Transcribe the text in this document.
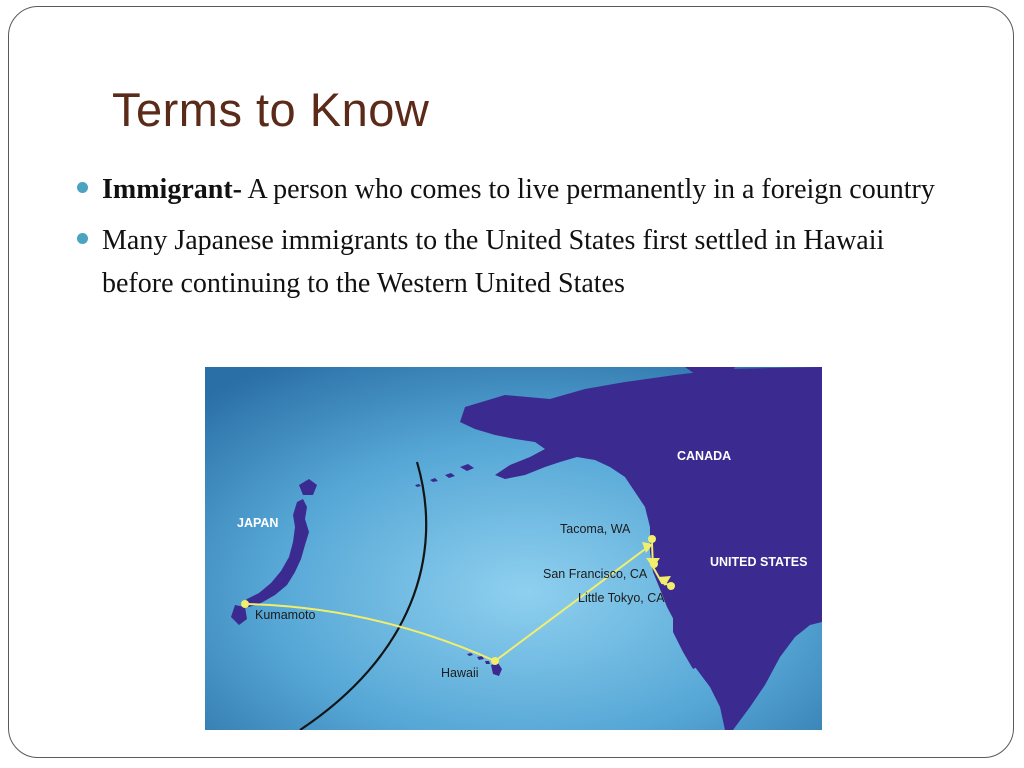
Terms to Know
Immigrant- A person who comes to live permanently in a foreign country
Many Japanese immigrants to the United States first settled in Hawaii before continuing to the Western United States
CANADA
JAPAN
UNITED STATES
Tacoma, WA
San Francisco, CA
Little Tokyo, CA
Kumamoto
Hawaii
